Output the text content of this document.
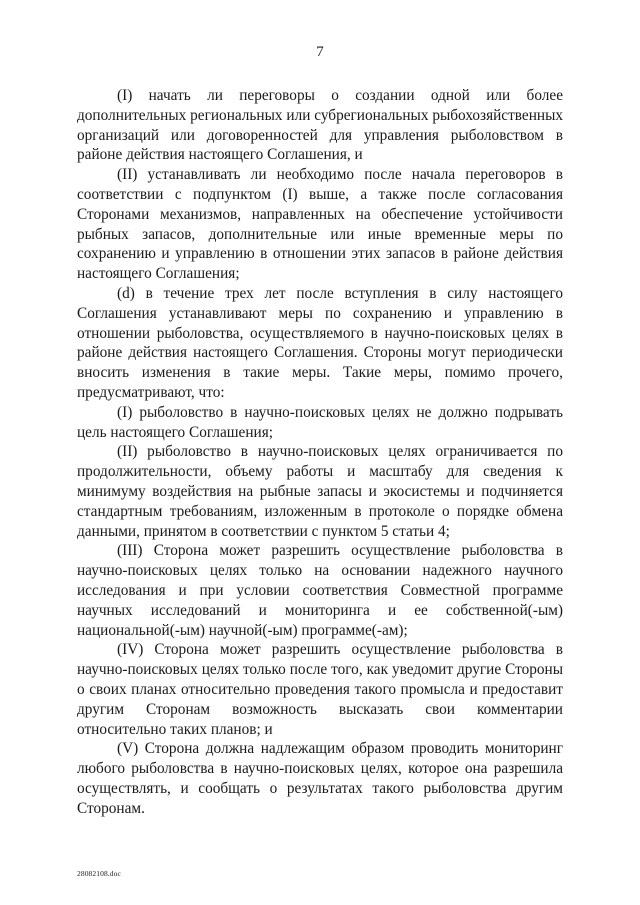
7

(I) начать ли переговоры о создании одной или более дополнительных региональных или субрегиональных рыбохозяйственных организаций или договоренностей для управления рыболовством в районе действия настоящего Соглашения, и

(II) устанавливать ли необходимо после начала переговоров в соответствии с подпунктом (I) выше, а также после согласования Сторонами механизмов, направленных на обеспечение устойчивости рыбных запасов, дополнительные или иные временные меры по сохранению и управлению в отношении этих запасов в районе действия настоящего Соглашения;

(d) в течение трех лет после вступления в силу настоящего Соглашения устанавливают меры по сохранению и управлению в отношении рыболовства, осуществляемого в научно-поисковых целях в районе действия настоящего Соглашения. Стороны могут периодически вносить изменения в такие меры. Такие меры, помимо прочего, предусматривают, что:

(I) рыболовство в научно-поисковых целях не должно подрывать цель настоящего Соглашения;

(II) рыболовство в научно-поисковых целях ограничивается по продолжительности, объему работы и масштабу для сведения к минимуму воздействия на рыбные запасы и экосистемы и подчиняется стандартным требованиям, изложенным в протоколе о порядке обмена данными, принятом в соответствии с пунктом 5 статьи 4;

(III) Сторона может разрешить осуществление рыболовства в научно-поисковых целях только на основании надежного научного исследования и при условии соответствия Совместной программе научных исследований и мониторинга и ее собственной(-ым) национальной(-ым) научной(-ым) программе(-ам);

(IV) Сторона может разрешить осуществление рыболовства в научно-поисковых целях только после того, как уведомит другие Стороны о своих планах относительно проведения такого промысла и предоставит другим Сторонам возможность высказать свои комментарии относительно таких планов; и

(V) Сторона должна надлежащим образом проводить мониторинг любого рыболовства в научно-поисковых целях, которое она разрешила осуществлять, и сообщать о результатах такого рыболовства другим Сторонам.

28082108.doc
